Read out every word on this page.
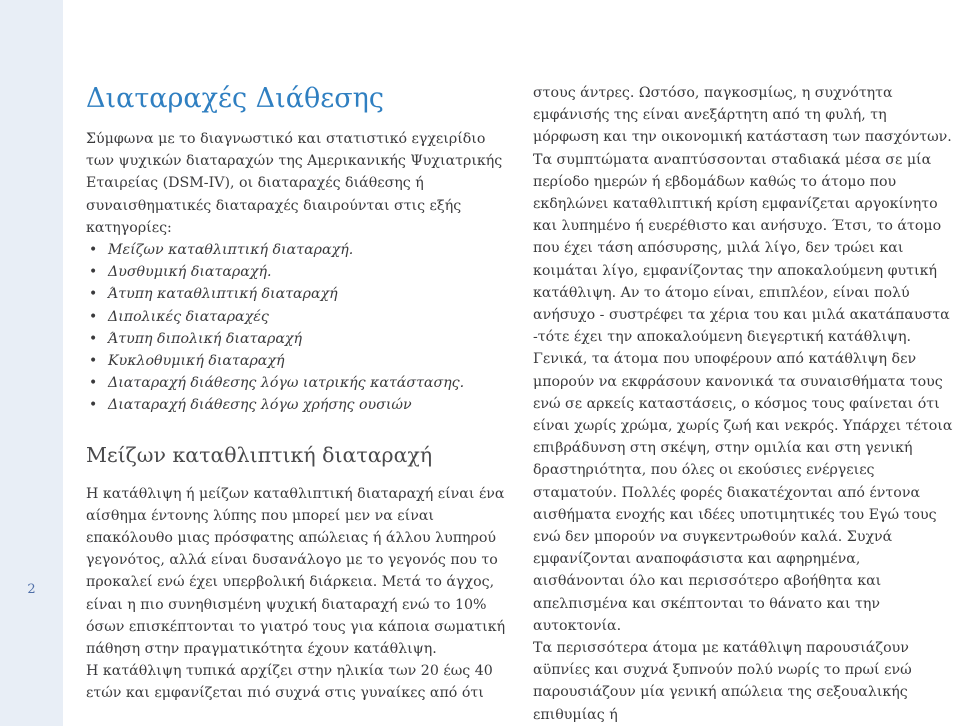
2
Διαταραχές Διάθεσης

Σύμφωνα με το διαγνωστικό και στατιστικό εγχειρίδιο των ψυχικών διαταραχών της Αμερικανικής Ψυχιατρικής Εταιρείας (DSM-IV), οι διαταραχές διάθεσης ή συναισθηματικές διαταραχές διαιρούνται στις εξής κατηγορίες:

• Μείζων καταθλιπτική διαταραχή.
• Δυσθυμική διαταραχή.
• Άτυπη καταθλιπτική διαταραχή
• Διπολικές διαταραχές
• Άτυπη διπολική διαταραχή
• Κυκλοθυμική διαταραχή
• Διαταραχή διάθεσης λόγω ιατρικής κατάστασης.
• Διαταραχή διάθεσης λόγω χρήσης ουσιών
Μείζων καταθλιπτική διαταραχή

Η κατάθλιψη ή μείζων καταθλιπτική διαταραχή είναι ένα αίσθημα έντονης λύπης που μπορεί μεν να είναι επακόλουθο μιας πρόσφατης απώλειας ή άλλου λυπηρού γεγονότος, αλλά είναι δυσανάλογο με το γεγονός που το προκαλεί ενώ έχει υπερβολική διάρκεια. Μετά το άγχος, είναι η πιο συνηθισμένη ψυχική διαταραχή ενώ το 10% όσων επισκέπτονται το γιατρό τους για κάποια σωματική πάθηση στην πραγματικότητα έχουν κατάθλιψη.

Η κατάθλιψη τυπικά αρχίζει στην ηλικία των 20 έως 40 ετών και εμφανίζεται πιό συχνά στις γυναίκες από ότι

στους άντρες. Ωστόσο, παγκοσμίως, η συχνότητα εμφάνισής της είναι ανεξάρτητη από τη φυλή, τη μόρφωση και την οικονομική κατάσταση των πασχόντων.

Τα συμπτώματα αναπτύσσονται σταδιακά μέσα σε μία περίοδο ημερών ή εβδομάδων καθώς το άτομο που εκδηλώνει καταθλιπτική κρίση εμφανίζεται αργοκίνητο και λυπημένο ή ευερέθιστο και ανήσυχο. Έτσι, το άτομο που έχει τάση απόσυρσης, μιλά λίγο, δεν τρώει και κοιμάται λίγο, εμφανίζοντας την αποκαλούμενη φυτική κατάθλιψη. Αν το άτομο είναι, επιπλέον, είναι πολύ ανήσυχο - συστρέφει τα χέρια του και μιλά ακατάπαυστα -τότε έχει την αποκαλούμενη διεγερτική κατάθλιψη.

Γενικά, τα άτομα που υποφέρουν από κατάθλιψη δεν μπορούν να εκφράσουν κανονικά τα συναισθήματα τους ενώ σε αρκείς καταστάσεις, ο κόσμος τους φαίνεται ότι είναι χωρίς χρώμα, χωρίς ζωή και νεκρός. Υπάρχει τέτοια επιβράδυνση στη σκέψη, στην ομιλία και στη γενική δραστηριότητα, που όλες οι εκούσιες ενέργειες σταματούν. Πολλές φορές διακατέχονται από έντονα αισθήματα ενοχής και ιδέες υποτιμητικές του Εγώ τους ενώ δεν μπορούν να συγκεντρωθούν καλά. Συχνά εμφανίζονται αναποφάσιστα και αφηρημένα, αισθάνονται όλο και περισσότερο αβοήθητα και απελπισμένα και σκέπτονται το θάνατο και την αυτοκτονία.

Τα περισσότερα άτομα με κατάθλιψη παρουσιάζουν αϋπνίες και συχνά ξυπνούν πολύ νωρίς το πρωί ενώ παρουσιάζουν μία γενική απώλεια της σεξουαλικής επιθυμίας ή
